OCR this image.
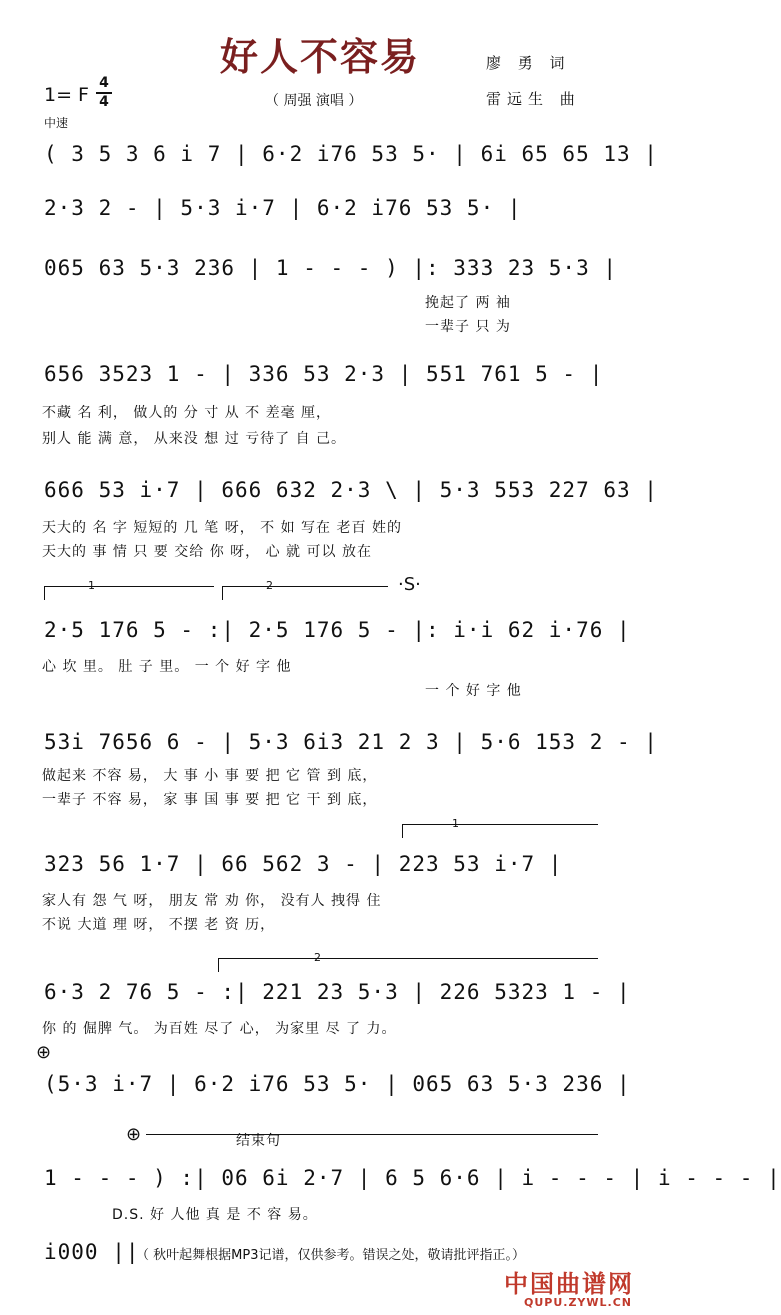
好人不容易	廖 勇 词
雷远生 曲
1= F
4
4	（ 周强 演唱 ）
中速
( 3 5 3 6 i 7 | 6·2 i76 53 5· | 6i 65 65 13 |
2·3 2 - | 5·3 i·7 | 6·2 i76 53 5· |
065 63 5·3 236 | 1 - - - ) |: 333 23 5·3 |
挽起了 两 袖
一辈子 只 为
656 3523 1 - | 336 53 2·3 | 551 761 5 - |
不藏 名 利， 做人的 分 寸 从 不 差毫 厘，
别人 能 满 意， 从来没 想 过 亏待了 自 己。
666 53 i·7 | 666 632 2·3 \ | 5·3 553 227 63 |
天大的 名 字 短短的 几 笔 呀， 不 如 写在 老百 姓的
天大的 事 情 只 要 交给 你 呀， 心 就 可以 放在
1	2	·S·
2·5 176 5 - :| 2·5 176 5 - |: i·i 62 i·76 |
心 坎 里。 肚 子 里。 一 个 好 字 他
一 个 好 字 他
53i 7656 6 - | 5·3 6i3 21 2 3 | 5·6 153 2 - |
做起来 不容 易， 大 事 小 事 要 把 它 管 到 底，
一辈子 不容 易， 家 事 国 事 要 把 它 干 到 底，
1
323 56 1·7 | 66 562 3 - | 223 53 i·7 |
家人有 怨 气 呀， 朋友 常 劝 你， 没有人 拽得 住
不说 大道 理 呀， 不摆 老 资 历，
2
6·3 2 76 5 - :| 221 23 5·3 | 226 5323 1 - |
你 的 倔脾 气。 为百姓 尽了 心， 为家里 尽 了 力。
⊕
(5·3 i·7 | 6·2 i76 53 5· | 065 63 5·3 236 |
⊕	结束句
1 - - - ) :| 06 6i 2·7 | 6 5 6·6 | i - - - | i - - - |
D.S. 好 人他 真 是 不 容 易。
i000 ||
（ 秋叶起舞根据MP3记谱，仅供参考。错误之处，敬请批评指正。）
中国曲谱网
QUPU.ZYWL.CN
